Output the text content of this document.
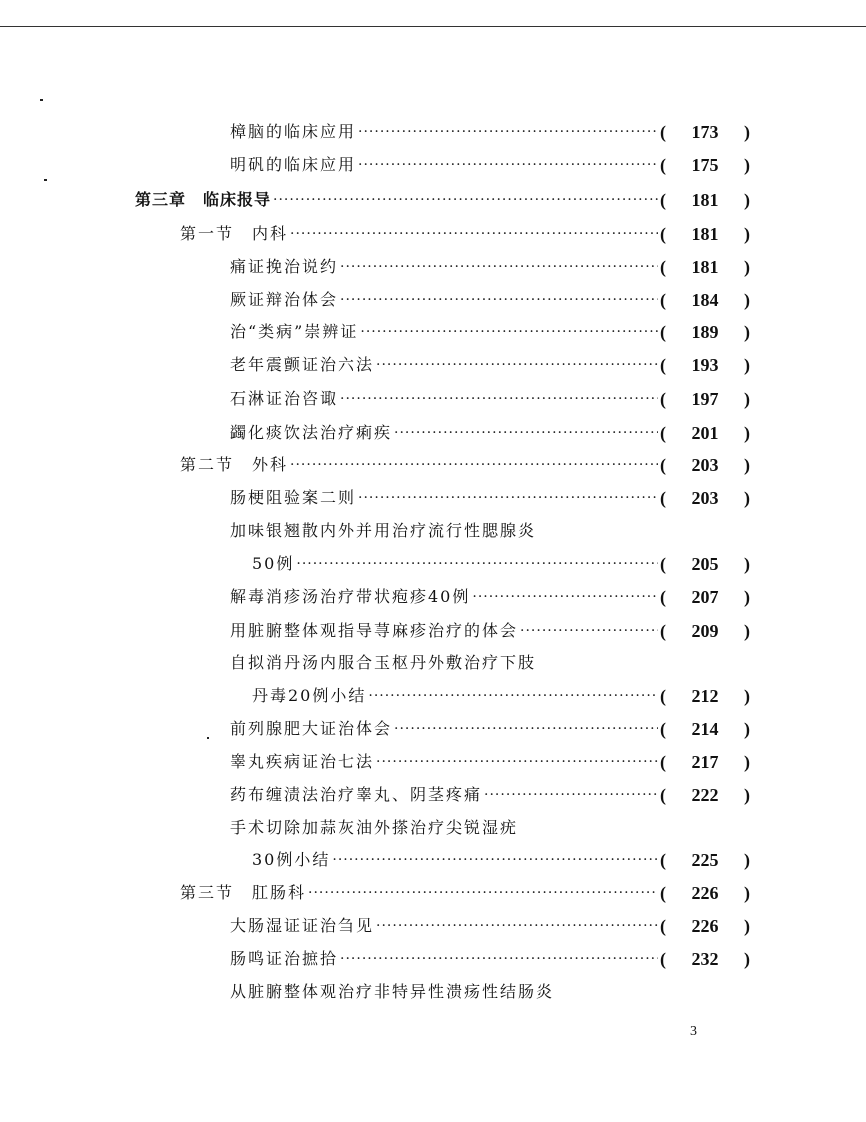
樟脑的临床应用 ·····	(	173	)
明矾的临床应用 ·····	(	175	)
第三章　临床报导 ·····	(	181	)
第一节　内科 ·····	(	181	)
痛证挽治说约 ·····	(	181	)
厥证辩治体会 ·····	(	184	)
治“类病”崇辨证 ·····	(	189	)
老年震颤证治六法 ·····	(	193	)
石淋证治咨诹 ·····	(	197	)
蠲化痰饮法治疗痢疾 ·····	(	201	)
第二节　外科 ·····	(	203	)
肠梗阻验案二则 ·····	(	203	)
加味银翘散内外并用治疗流行性腮腺炎
50例 ·····	(	205	)
解毒消疹汤治疗带状疱疹40例 ·····	(	207	)
用脏腑整体观指导荨麻疹治疗的体会 ·····	(	209	)
自拟消丹汤内服合玉枢丹外敷治疗下肢
丹毒20例小结 ·····	(	212	)
前列腺肥大证治体会 ·····	(	214	)
睾丸疾病证治七法 ·····	(	217	)
药布缠渍法治疗睾丸、阴茎疼痛 ·····	(	222	)
手术切除加蒜灰油外搽治疗尖锐湿疣
30例小结 ·····	(	225	)
第三节　肛肠科 ·····	(	226	)
大肠湿证证治刍见 ·····	(	226	)
肠鸣证治摭拾 ·····	(	232	)
从脏腑整体观治疗非特异性溃疡性结肠炎
3
